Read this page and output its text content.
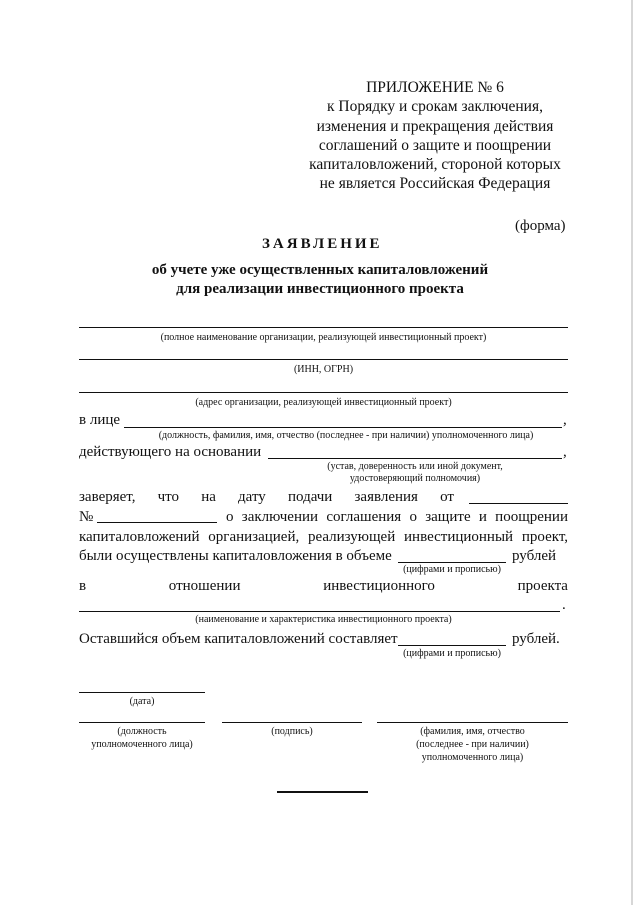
ПРИЛОЖЕНИЕ № 6
к Порядку и срокам заключения,
изменения и прекращения действия
соглашений о защите и поощрении
капиталовложений, стороной которых
не является Российская Федерация
(форма)
ЗАЯВЛЕНИЕ
об учете уже осуществленных капиталовложений
для реализации инвестиционного проекта
(полное наименование организации, реализующей инвестиционный проект)
(ИНН, ОГРН)
(адрес организации, реализующей инвестиционный проект)
в лице	,
(должность, фамилия, имя, отчество (последнее - при наличии) уполномоченного лица)
действующего на основании	,
(устав, доверенность или иной документ,
удостоверяющий полномочия)
заверяет, что на дату подачи заявления от
№	о заключении соглашения о защите и поощрении
капиталовложений организацией, реализующей инвестиционный проект,
были осуществлены капиталовложения в объеме	рублей
(цифрами и прописью)
в	отношении	инвестиционного	проекта
.
(наименование и характеристика инвестиционного проекта)
Оставшийся объем капиталовложений составляет	рублей.
(цифрами и прописью)
(дата)
(должность
уполномоченного лица)
(подпись)	(фамилия, имя, отчество
(последнее - при наличии)
уполномоченного лица)
